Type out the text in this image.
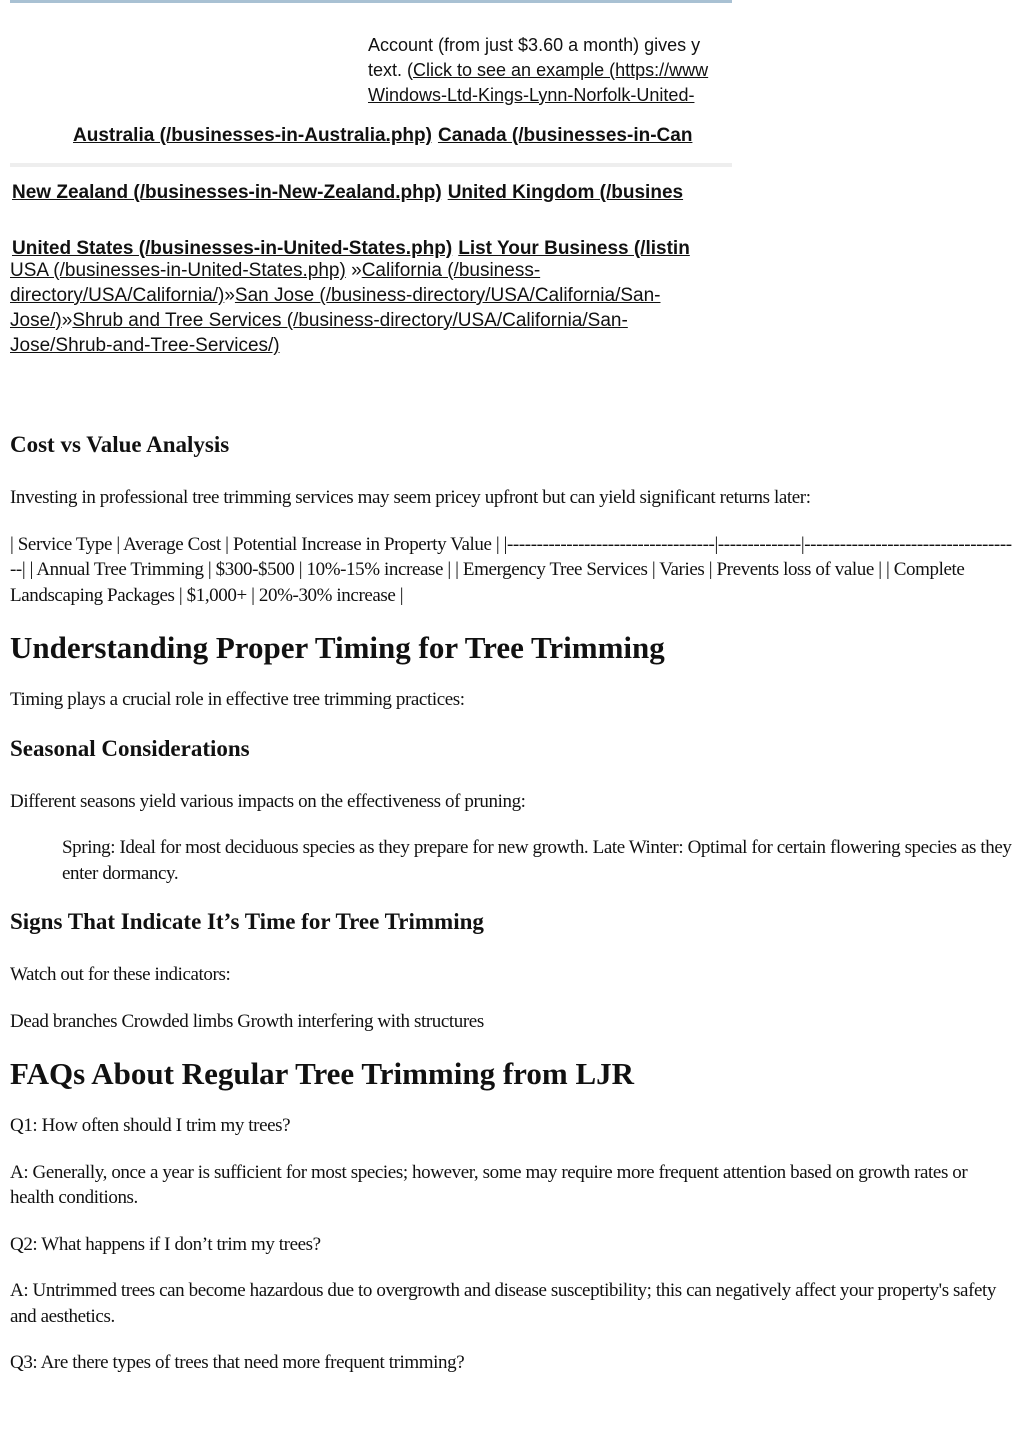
Account (from just $3.60 a month) gives y
text. (Click to see an example (https://www
Windows-Ltd-Kings-Lynn-Norfolk-United-
Australia (/businesses-in-Australia.php) Canada (/businesses-in-Can
New Zealand (/businesses-in-New-Zealand.php) United Kingdom (/busines
United States (/businesses-in-United-States.php) List Your Business (/listin
USA (/businesses-in-United-States.php) »California (/business-directory/USA/California/)»San Jose (/business-directory/USA/California/San-Jose/)»Shrub and Tree Services (/business-directory/USA/California/San-Jose/Shrub-and-Tree-Services/)
Cost vs Value Analysis

Investing in professional tree trimming services may seem pricey upfront but can yield significant returns later:

| Service Type | Average Cost | Potential Increase in Property Value | |-----------------------------------|--------------|-------------------------------------| | Annual Tree Trimming | $300-$500 | 10%-15% increase | | Emergency Tree Services | Varies | Prevents loss of value | | Complete Landscaping Packages | $1,000+ | 20%-30% increase |

Understanding Proper Timing for Tree Trimming

Timing plays a crucial role in effective tree trimming practices:

Seasonal Considerations

Different seasons yield various impacts on the effectiveness of pruning:

Spring: Ideal for most deciduous species as they prepare for new growth. Late Winter: Optimal for certain flowering species as they enter dormancy.
Signs That Indicate It’s Time for Tree Trimming

Watch out for these indicators:

Dead branches Crowded limbs Growth interfering with structures

FAQs About Regular Tree Trimming from LJR

Q1: How often should I trim my trees?

A: Generally, once a year is sufficient for most species; however, some may require more frequent attention based on growth rates or health conditions.

Q2: What happens if I don’t trim my trees?

A: Untrimmed trees can become hazardous due to overgrowth and disease susceptibility; this can negatively affect your property's safety and aesthetics.

Q3: Are there types of trees that need more frequent trimming?
